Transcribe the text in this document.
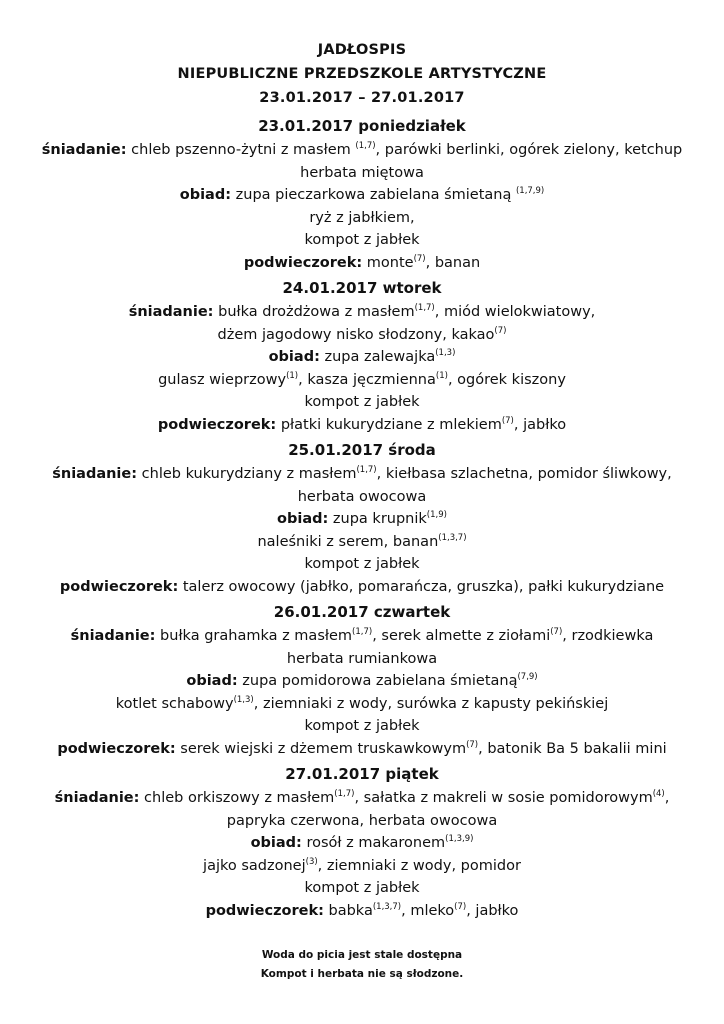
JADŁOSPIS
NIEPUBLICZNE PRZEDSZKOLE ARTYSTYCZNE
23.01.2017 – 27.01.2017
23.01.2017 poniedziałek
śniadanie: chleb pszenno-żytni z masłem $^{(1,7)}$, parówki berlinki, ogórek zielony, ketchup
herbata miętowa
obiad: zupa pieczarkowa zabielana śmietaną $^{(1,7,9)}$
ryż z jabłkiem,
kompot z jabłek
podwieczorek: monte$^{(7)}$, banan
24.01.2017 wtorek
śniadanie: bułka drożdżowa z masłem$^{(1,7)}$, miód wielokwiatowy,
dżem jagodowy nisko słodzony, kakao$^{(7)}$
obiad: zupa zalewajka$^{(1,3)}$
gulasz wieprzowy$^{(1)}$, kasza jęczmienna$^{(1)}$, ogórek kiszony
kompot z jabłek
podwieczorek: płatki kukurydziane z mlekiem$^{(7)}$, jabłko
25.01.2017 środa
śniadanie: chleb kukurydziany z masłem$^{(1,7)}$, kiełbasa szlachetna, pomidor śliwkowy,
herbata owocowa
obiad: zupa krupnik$^{(1,9)}$
naleśniki z serem, banan$^{(1,3,7)}$
kompot z jabłek
podwieczorek: talerz owocowy (jabłko, pomarańcza, gruszka), pałki kukurydziane
26.01.2017 czwartek
śniadanie: bułka grahamka z masłem$^{(1,7)}$, serek almette z ziołami$^{(7)}$, rzodkiewka
herbata rumiankowa
obiad: zupa pomidorowa zabielana śmietaną$^{(7,9)}$
kotlet schabowy$^{(1,3)}$, ziemniaki z wody, surówka z kapusty pekińskiej
kompot z jabłek
podwieczorek: serek wiejski z dżemem truskawkowym$^{(7)}$, batonik Ba 5 bakalii mini
27.01.2017 piątek
śniadanie: chleb orkiszowy z masłem$^{(1,7)}$, sałatka z makreli w sosie pomidorowym$^{(4)}$,
papryka czerwona, herbata owocowa
obiad: rosół z makaronem$^{(1,3,9)}$
jajko sadzonej$^{(3)}$, ziemniaki z wody, pomidor
kompot z jabłek
podwieczorek: babka$^{(1,3,7)}$, mleko$^{(7)}$, jabłko
Woda do picia jest stale dostępna
Kompot i herbata nie są słodzone.
